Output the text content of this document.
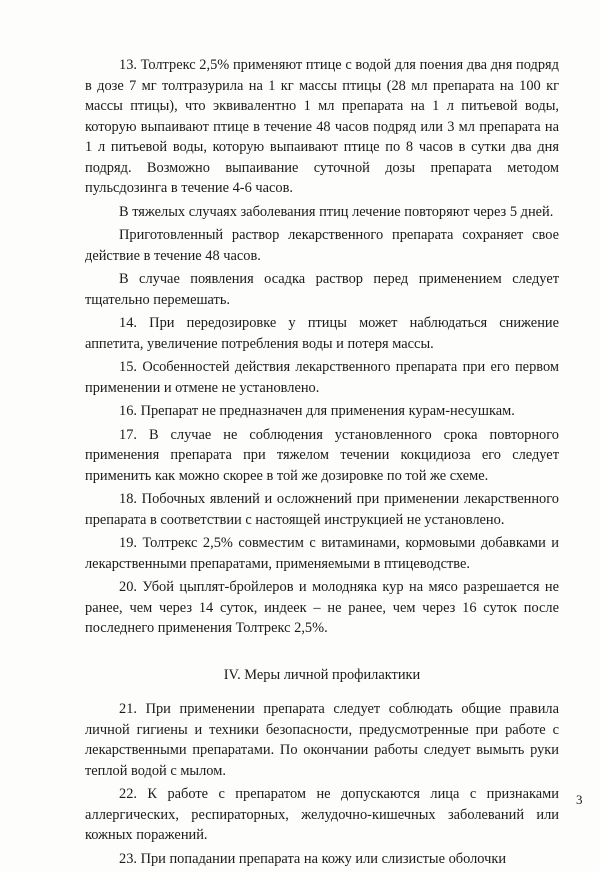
13. Толтрекс 2,5% применяют птице с водой для поения два дня подряд в дозе 7 мг толтразурила на 1 кг массы птицы (28 мл препарата на 100 кг массы птицы), что эквивалентно 1 мл препарата на 1 л питьевой воды, которую выпаивают птице в течение 48 часов подряд или 3 мл препарата на 1 л питьевой воды, которую выпаивают птице по 8 часов в сутки два дня подряд. Возможно выпаивание суточной дозы препарата методом пульсдозинга в течение 4-6 часов.

В тяжелых случаях заболевания птиц лечение повторяют через 5 дней.

Приготовленный раствор лекарственного препарата сохраняет свое действие в течение 48 часов.

В случае появления осадка раствор перед применением следует тщательно перемешать.

14. При передозировке у птицы может наблюдаться снижение аппетита, увеличение потребления воды и потеря массы.

15. Особенностей действия лекарственного препарата при его первом применении и отмене не установлено.

16. Препарат не предназначен для применения курам-несушкам.

17. В случае не соблюдения установленного срока повторного применения препарата при тяжелом течении кокцидиоза его следует применить как можно скорее в той же дозировке по той же схеме.

18. Побочных явлений и осложнений при применении лекарственного препарата в соответствии с настоящей инструкцией не установлено.

19. Толтрекс 2,5% совместим с витаминами, кормовыми добавками и лекарственными препаратами, применяемыми в птицеводстве.

20. Убой цыплят-бройлеров и молодняка кур на мясо разрешается не ранее, чем через 14 суток, индеек – не ранее, чем через 16 суток после последнего применения Толтрекс 2,5%.

IV. Меры личной профилактики

21. При применении препарата следует соблюдать общие правила личной гигиены и техники безопасности, предусмотренные при работе с лекарственными препаратами. По окончании работы следует вымыть руки теплой водой с мылом.

22. К работе с препаратом не допускаются лица с признаками аллергических, респираторных, желудочно-кишечных заболеваний или кожных поражений.

23. При попадании препарата на кожу или слизистые оболочки

3
